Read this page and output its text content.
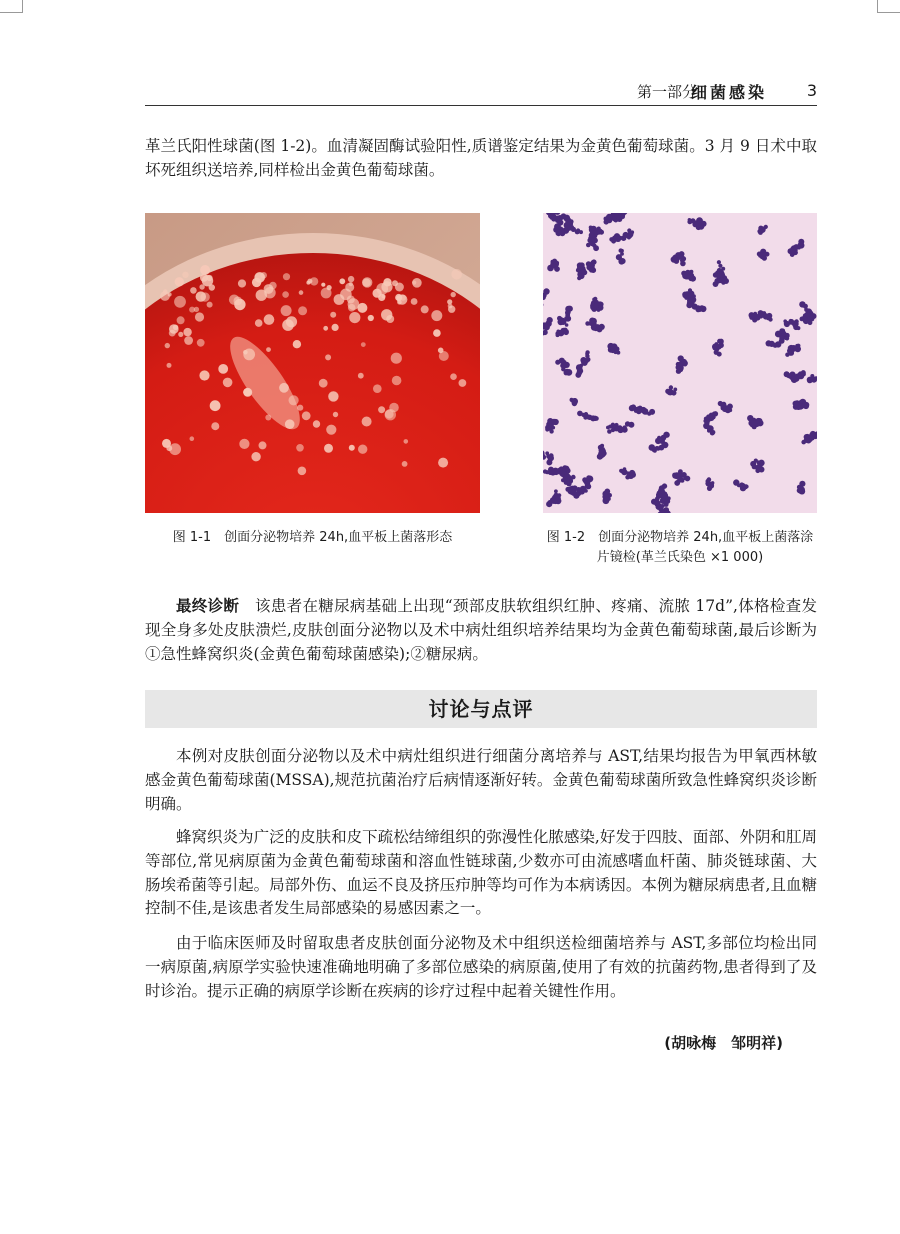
第一部分
细菌感染 3

革兰氏阳性球菌(图 1-2)。血清凝固酶试验阳性,质谱鉴定结果为金黄色葡萄球菌。3 月 9 日术中取坏死组织送培养,同样检出金黄色葡萄球菌。

图 1-1　创面分泌物培养 24h,血平板上菌落形态	图 1-2　创面分泌物培养 24h,血平板上菌落涂片镜检(革兰氏染色 ×1 000)

最终诊断　该患者在糖尿病基础上出现“颈部皮肤软组织红肿、疼痛、流脓 17d”,体格检查发现全身多处皮肤溃烂,皮肤创面分泌物以及术中病灶组织培养结果均为金黄色葡萄球菌,最后诊断为①急性蜂窝织炎(金黄色葡萄球菌感染);②糖尿病。

讨论与点评

本例对皮肤创面分泌物以及术中病灶组织进行细菌分离培养与 AST,结果均报告为甲氧西林敏感金黄色葡萄球菌(MSSA),规范抗菌治疗后病情逐渐好转。金黄色葡萄球菌所致急性蜂窝织炎诊断明确。

蜂窝织炎为广泛的皮肤和皮下疏松结缔组织的弥漫性化脓感染,好发于四肢、面部、外阴和肛周等部位,常见病原菌为金黄色葡萄球菌和溶血性链球菌,少数亦可由流感嗜血杆菌、肺炎链球菌、大肠埃希菌等引起。局部外伤、血运不良及挤压疖肿等均可作为本病诱因。本例为糖尿病患者,且血糖控制不佳,是该患者发生局部感染的易感因素之一。

由于临床医师及时留取患者皮肤创面分泌物及术中组织送检细菌培养与 AST,多部位均检出同一病原菌,病原学实验快速准确地明确了多部位感染的病原菌,使用了有效的抗菌药物,患者得到了及时诊治。提示正确的病原学诊断在疾病的诊疗过程中起着关键性作用。

(胡咏梅　邹明祥)
